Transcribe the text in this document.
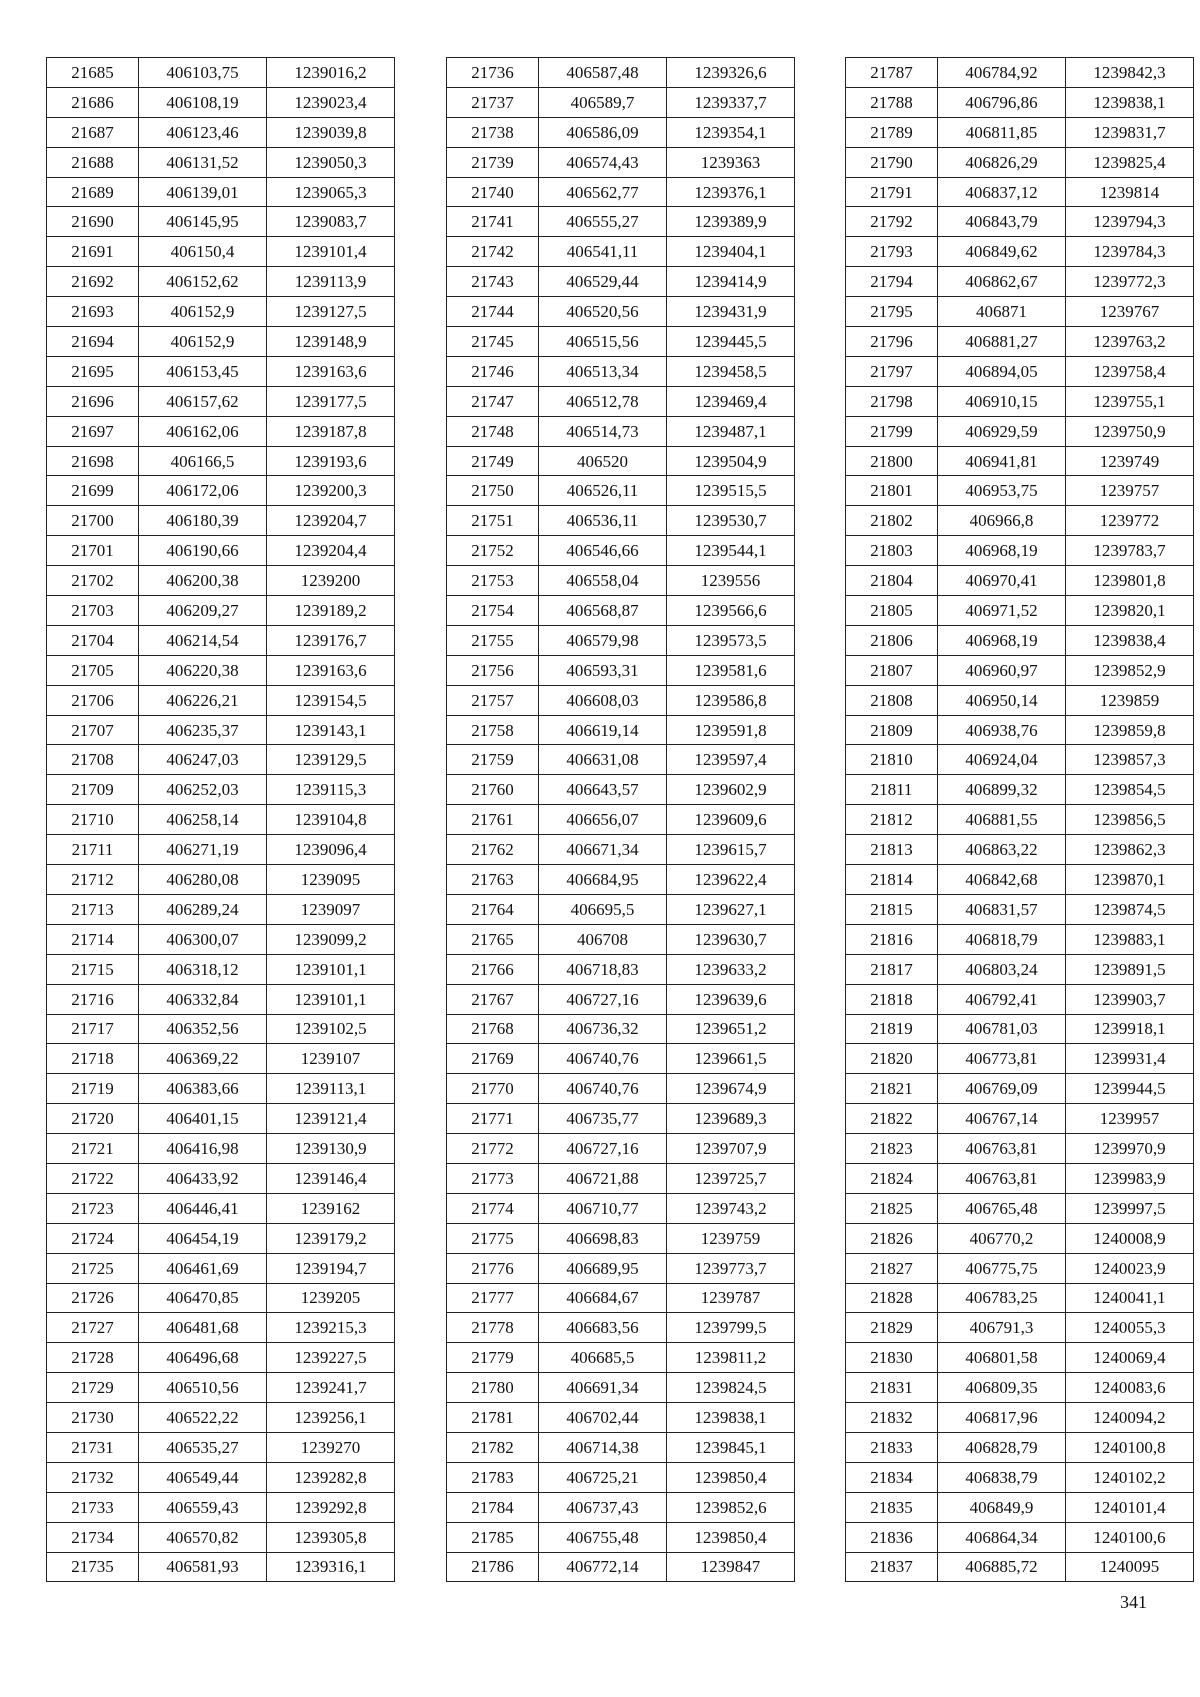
21685	406103,75	1239016,2
21686	406108,19	1239023,4
21687	406123,46	1239039,8
21688	406131,52	1239050,3
21689	406139,01	1239065,3
21690	406145,95	1239083,7
21691	406150,4	1239101,4
21692	406152,62	1239113,9
21693	406152,9	1239127,5
21694	406152,9	1239148,9
21695	406153,45	1239163,6
21696	406157,62	1239177,5
21697	406162,06	1239187,8
21698	406166,5	1239193,6
21699	406172,06	1239200,3
21700	406180,39	1239204,7
21701	406190,66	1239204,4
21702	406200,38	1239200
21703	406209,27	1239189,2
21704	406214,54	1239176,7
21705	406220,38	1239163,6
21706	406226,21	1239154,5
21707	406235,37	1239143,1
21708	406247,03	1239129,5
21709	406252,03	1239115,3
21710	406258,14	1239104,8
21711	406271,19	1239096,4
21712	406280,08	1239095
21713	406289,24	1239097
21714	406300,07	1239099,2
21715	406318,12	1239101,1
21716	406332,84	1239101,1
21717	406352,56	1239102,5
21718	406369,22	1239107
21719	406383,66	1239113,1
21720	406401,15	1239121,4
21721	406416,98	1239130,9
21722	406433,92	1239146,4
21723	406446,41	1239162
21724	406454,19	1239179,2
21725	406461,69	1239194,7
21726	406470,85	1239205
21727	406481,68	1239215,3
21728	406496,68	1239227,5
21729	406510,56	1239241,7
21730	406522,22	1239256,1
21731	406535,27	1239270
21732	406549,44	1239282,8
21733	406559,43	1239292,8
21734	406570,82	1239305,8
21735	406581,93	1239316,1
21736	406587,48	1239326,6
21737	406589,7	1239337,7
21738	406586,09	1239354,1
21739	406574,43	1239363
21740	406562,77	1239376,1
21741	406555,27	1239389,9
21742	406541,11	1239404,1
21743	406529,44	1239414,9
21744	406520,56	1239431,9
21745	406515,56	1239445,5
21746	406513,34	1239458,5
21747	406512,78	1239469,4
21748	406514,73	1239487,1
21749	406520	1239504,9
21750	406526,11	1239515,5
21751	406536,11	1239530,7
21752	406546,66	1239544,1
21753	406558,04	1239556
21754	406568,87	1239566,6
21755	406579,98	1239573,5
21756	406593,31	1239581,6
21757	406608,03	1239586,8
21758	406619,14	1239591,8
21759	406631,08	1239597,4
21760	406643,57	1239602,9
21761	406656,07	1239609,6
21762	406671,34	1239615,7
21763	406684,95	1239622,4
21764	406695,5	1239627,1
21765	406708	1239630,7
21766	406718,83	1239633,2
21767	406727,16	1239639,6
21768	406736,32	1239651,2
21769	406740,76	1239661,5
21770	406740,76	1239674,9
21771	406735,77	1239689,3
21772	406727,16	1239707,9
21773	406721,88	1239725,7
21774	406710,77	1239743,2
21775	406698,83	1239759
21776	406689,95	1239773,7
21777	406684,67	1239787
21778	406683,56	1239799,5
21779	406685,5	1239811,2
21780	406691,34	1239824,5
21781	406702,44	1239838,1
21782	406714,38	1239845,1
21783	406725,21	1239850,4
21784	406737,43	1239852,6
21785	406755,48	1239850,4
21786	406772,14	1239847
21787	406784,92	1239842,3
21788	406796,86	1239838,1
21789	406811,85	1239831,7
21790	406826,29	1239825,4
21791	406837,12	1239814
21792	406843,79	1239794,3
21793	406849,62	1239784,3
21794	406862,67	1239772,3
21795	406871	1239767
21796	406881,27	1239763,2
21797	406894,05	1239758,4
21798	406910,15	1239755,1
21799	406929,59	1239750,9
21800	406941,81	1239749
21801	406953,75	1239757
21802	406966,8	1239772
21803	406968,19	1239783,7
21804	406970,41	1239801,8
21805	406971,52	1239820,1
21806	406968,19	1239838,4
21807	406960,97	1239852,9
21808	406950,14	1239859
21809	406938,76	1239859,8
21810	406924,04	1239857,3
21811	406899,32	1239854,5
21812	406881,55	1239856,5
21813	406863,22	1239862,3
21814	406842,68	1239870,1
21815	406831,57	1239874,5
21816	406818,79	1239883,1
21817	406803,24	1239891,5
21818	406792,41	1239903,7
21819	406781,03	1239918,1
21820	406773,81	1239931,4
21821	406769,09	1239944,5
21822	406767,14	1239957
21823	406763,81	1239970,9
21824	406763,81	1239983,9
21825	406765,48	1239997,5
21826	406770,2	1240008,9
21827	406775,75	1240023,9
21828	406783,25	1240041,1
21829	406791,3	1240055,3
21830	406801,58	1240069,4
21831	406809,35	1240083,6
21832	406817,96	1240094,2
21833	406828,79	1240100,8
21834	406838,79	1240102,2
21835	406849,9	1240101,4
21836	406864,34	1240100,6
21837	406885,72	1240095
341
